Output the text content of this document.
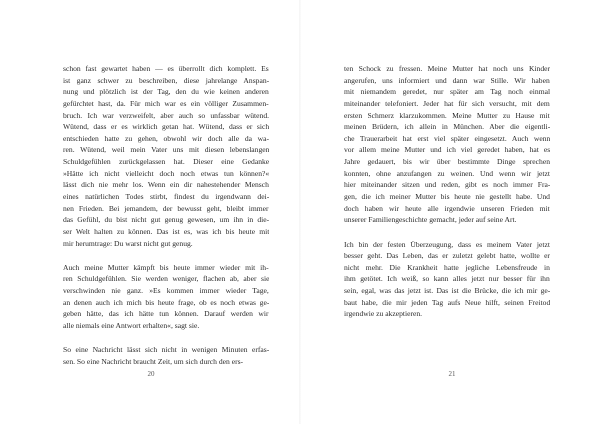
schon fast gewartet haben — es überrollt dich komplett. Es
ist ganz schwer zu beschreiben, diese jahrelange Anspan-
nung und plötzlich ist der Tag, den du wie keinen anderen
gefürchtet hast, da. Für mich war es ein völliger Zusammen-
bruch. Ich war verzweifelt, aber auch so unfassbar wütend.
Wütend, dass er es wirklich getan hat. Wütend, dass er sich
entschieden hatte zu gehen, obwohl wir doch alle da wa-
ren. Wütend, weil mein Vater uns mit diesen lebenslangen
Schuldgefühlen zurückgelassen hat. Dieser eine Gedanke
»Hätte ich nicht vielleicht doch noch etwas tun können?«
lässt dich nie mehr los. Wenn ein dir nahestehender Mensch
eines natürlichen Todes stirbt, findest du irgendwann dei-
nen Frieden. Bei jemandem, der bewusst geht, bleibt immer
das Gefühl, du bist nicht gut genug gewesen, um ihn in die-
ser Welt halten zu können. Das ist es, was ich bis heute mit
mir herumtrage: Du warst nicht gut genug.

Auch meine Mutter kämpft bis heute immer wieder mit ih-
ren Schuldgefühlen. Sie werden weniger, flachen ab, aber sie
verschwinden nie ganz. »Es kommen immer wieder Tage,
an denen auch ich mich bis heute frage, ob es noch etwas ge-
geben hätte, das ich hätte tun können. Darauf werden wir
alle niemals eine Antwort erhalten«, sagt sie.

So eine Nachricht lässt sich nicht in wenigen Minuten erfas-
sen. So eine Nachricht braucht Zeit, um sich durch den ers-

20

ten Schock zu fressen. Meine Mutter hat noch uns Kinder
angerufen, uns informiert und dann war Stille. Wir haben
mit niemandem geredet, nur später am Tag noch einmal
miteinander telefoniert. Jeder hat für sich versucht, mit dem
ersten Schmerz klarzukommen. Meine Mutter zu Hause mit
meinen Brüdern, ich allein in München. Aber die eigentli-
che Trauerarbeit hat erst viel später eingesetzt. Auch wenn
vor allem meine Mutter und ich viel geredet haben, hat es
Jahre gedauert, bis wir über bestimmte Dinge sprechen
konnten, ohne anzufangen zu weinen. Und wenn wir jetzt
hier miteinander sitzen und reden, gibt es noch immer Fra-
gen, die ich meiner Mutter bis heute nie gestellt habe. Und
doch haben wir heute alle irgendwie unseren Frieden mit
unserer Familiengeschichte gemacht, jeder auf seine Art.

Ich bin der festen Überzeugung, dass es meinem Vater jetzt
besser geht. Das Leben, das er zuletzt gelebt hatte, wollte er
nicht mehr. Die Krankheit hatte jegliche Lebensfreude in
ihm getötet. Ich weiß, so kann alles jetzt nur besser für ihn
sein, egal, was das jetzt ist. Das ist die Brücke, die ich mir ge-
baut habe, die mir jeden Tag aufs Neue hilft, seinen Freitod
irgendwie zu akzeptieren.

21
